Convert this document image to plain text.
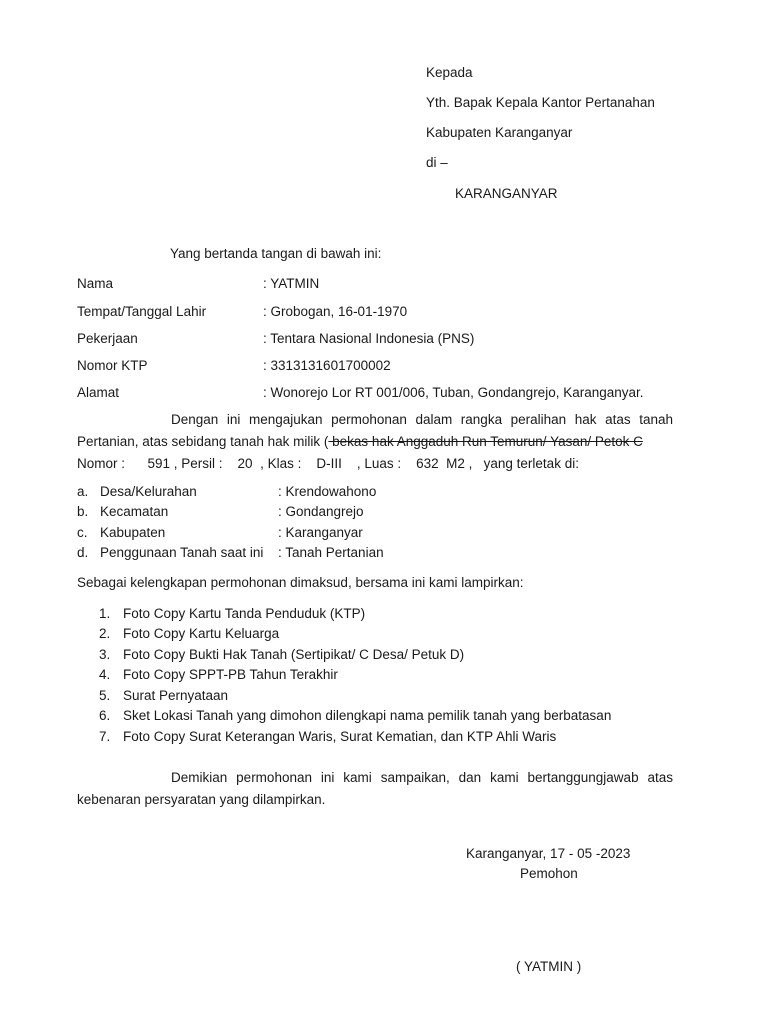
Kepada
Yth. Bapak Kepala Kantor Pertanahan
Kabupaten Karanganyar
di –
KARANGANYAR
Yang bertanda tangan di bawah ini:
Nama	: YATMIN
Tempat/Tanggal Lahir	: Grobogan, 16-01-1970
Pekerjaan	: Tentara Nasional Indonesia (PNS)
Nomor KTP	: 3313131601700002
Alamat	: Wonorejo Lor RT 001/006, Tuban, Gondangrejo, Karanganyar.
Dengan ini mengajukan permohonan dalam rangka peralihan hak atas tanah
Pertanian, atas sebidang tanah hak milik ( bekas hak Anggaduh Run Temurun/ Yasan/ Petok C
Nomor :      591 , Persil :    20  , Klas :    D-III    , Luas :    632  M2 ,   yang terletak di:
a. Desa/Kelurahan	: Krendowahono
b. Kecamatan	: Gondangrejo
c. Kabupaten	: Karanganyar
d. Penggunaan Tanah saat ini : Tanah Pertanian
Sebagai kelengkapan permohonan dimaksud, bersama ini kami lampirkan:
1. Foto Copy Kartu Tanda Penduduk (KTP)
2. Foto Copy Kartu Keluarga
3. Foto Copy Bukti Hak Tanah (Sertipikat/ C Desa/ Petuk D)
4. Foto Copy SPPT-PB Tahun Terakhir
5. Surat Pernyataan
6. Sket Lokasi Tanah yang dimohon dilengkapi nama pemilik tanah yang berbatasan
7. Foto Copy Surat Keterangan Waris, Surat Kematian, dan KTP Ahli Waris
Demikian permohonan ini kami sampaikan, dan kami bertanggungjawab atas
kebenaran persyaratan yang dilampirkan.
Karanganyar, 17 - 05 -2023
Pemohon
( YATMIN )
